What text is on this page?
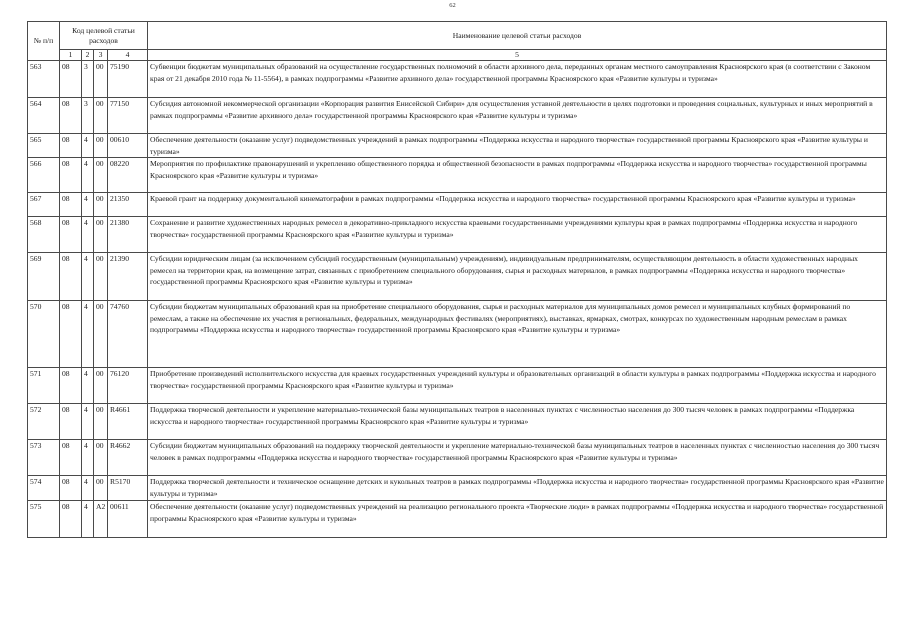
62
№ п/п	Код целевой статьи расходов				Наименование целевой статьи расходов
	1	2	3	4	5
563	08	3	00	75190	Субвенции бюджетам муниципальных образований на осуществление государственных полномочий в области архивного дела, переданных органам местного самоуправления Красноярского края (в соответствии с Законом края от 21 декабря 2010 года № 11-5564), в рамках подпрограммы «Развитие архивного дела» государственной программы Красноярского края «Развитие культуры и туризма»
564	08	3	00	77150	Субсидия автономной некоммерческой организации «Корпорация развития Енисейской Сибири» для осуществления уставной деятельности в целях подготовки и проведения социальных, культурных и иных мероприятий в рамках подпрограммы «Развитие архивного дела» государственной программы Красноярского края «Развитие культуры и туризма»
565	08	4	00	00610	Обеспечение деятельности (оказание услуг) подведомственных учреждений в рамках подпрограммы «Поддержка искусства и народного творчества» государственной программы Красноярского края «Развитие культуры и туризма»
566	08	4	00	08220	Мероприятия по профилактике правонарушений и укреплению общественного порядка и общественной безопасности в рамках подпрограммы «Поддержка искусства и народного творчества» государственной программы Красноярского края «Развитие культуры и туризма»
567	08	4	00	21350	Краевой грант на поддержку документальной кинематографии в рамках подпрограммы «Поддержка искусства и народного творчества» государственной программы Красноярского края «Развитие культуры и туризма»
568	08	4	00	21380	Сохранение и развитие художественных народных ремесел в декоративно-прикладного искусства краевыми государственными учреждениями культуры края в рамках подпрограммы «Поддержка искусства и народного творчества» государственной программы Красноярского края «Развитие культуры и туризма»
569	08	4	00	21390	Субсидии юридическим лицам (за исключением субсидий государственным (муниципальным) учреждениям), индивидуальным предпринимателям, осуществляющим деятельность в области художественных народных ремесел на территории края, на возмещение затрат, связанных с приобретением специального оборудования, сырья и расходных материалов, в рамках подпрограммы «Поддержка искусства и народного творчества» государственной программы Красноярского края «Развитие культуры и туризма»
570	08	4	00	74760	Субсидии бюджетам муниципальных образований края на приобретение специального оборудования, сырья и расходных материалов для муниципальных домов ремесел и муниципальных клубных формирований по ремеслам, а также на обеспечение их участия в региональных, федеральных, международных фестивалях (мероприятиях), выставках, ярмарках, смотрах, конкурсах по художественным народным ремеслам в рамках подпрограммы «Поддержка искусства и народного творчества» государственной программы Красноярского края «Развитие культуры и туризма»
571	08	4	00	76120	Приобретение произведений исполнительского искусства для краевых государственных учреждений культуры и образовательных организаций в области культуры в рамках подпрограммы «Поддержка искусства и народного творчества» государственной программы Красноярского края «Развитие культуры и туризма»
572	08	4	00	R4661	Поддержка творческой деятельности и укрепление материально-технической базы муниципальных театров в населенных пунктах с численностью населения до 300 тысяч человек в рамках подпрограммы «Поддержка искусства и народного творчества» государственной программы Красноярского края «Развитие культуры и туризма»
573	08	4	00	R4662	Субсидии бюджетам муниципальных образований на поддержку творческой деятельности и укрепление материально-технической базы муниципальных театров в населенных пунктах с численностью населения до 300 тысяч человек в рамках подпрограммы «Поддержка искусства и народного творчества» государственной программы Красноярского края «Развитие культуры и туризма»
574	08	4	00	R5170	Поддержка творческой деятельности и техническое оснащение детских и кукольных театров в рамках подпрограммы «Поддержка искусства и народного творчества» государственной программы Красноярского края «Развитие культуры и туризма»
575	08	4	A2	00611	Обеспечение деятельности (оказание услуг) подведомственных учреждений на реализацию регионального проекта «Творческие люди» в рамках подпрограммы «Поддержка искусства и народного творчества» государственной программы Красноярского края «Развитие культуры и туризма»
